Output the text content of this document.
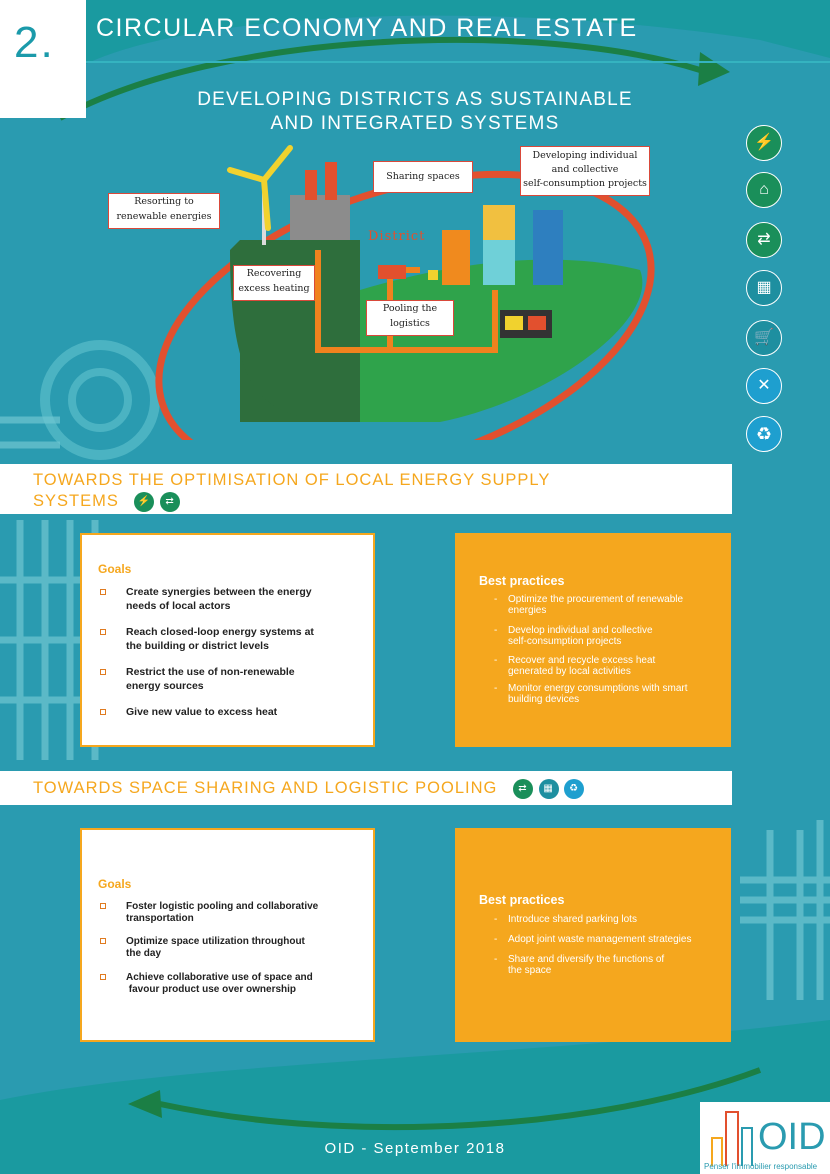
2. CIRCULAR ECONOMY AND REAL ESTATE
DEVELOPING DISTRICTS AS SUSTAINABLE
AND INTEGRATED SYSTEMS
District
Resorting to
renewable energies
Sharing spaces
Developing individual
and collective
self-consumption projects
Recovering
excess heating
Pooling the
logistics
⚡
⌂
⇄
▦
🛒
✕
♻
TOWARDS THE OPTIMISATION OF LOCAL ENERGY SUPPLY
SYSTEMS ⚡ ⇄
Goals
Create synergies between the energy
needs of local actors
Reach closed-loop energy systems at
the building or district levels
Restrict the use of non-renewable
energy sources
Give new value to excess heat
Best practices
- Optimize the procurement of renewable
energies
- Develop individual and collective
self-consumption projects
- Recover and recycle excess heat
generated by local activities
- Monitor energy consumptions with smart
building devices
TOWARDS SPACE SHARING AND LOGISTIC POOLING ⇄ ▦ ♻
Goals
Foster logistic pooling and collaborative
transportation
Optimize space utilization throughout
the day
Achieve collaborative use of space and
favour product use over ownership
Best practices
- Introduce shared parking lots
- Adopt joint waste management strategies
- Share and diversify the functions of
the space
OID - September 2018	OID
Penser l'immobilier responsable
